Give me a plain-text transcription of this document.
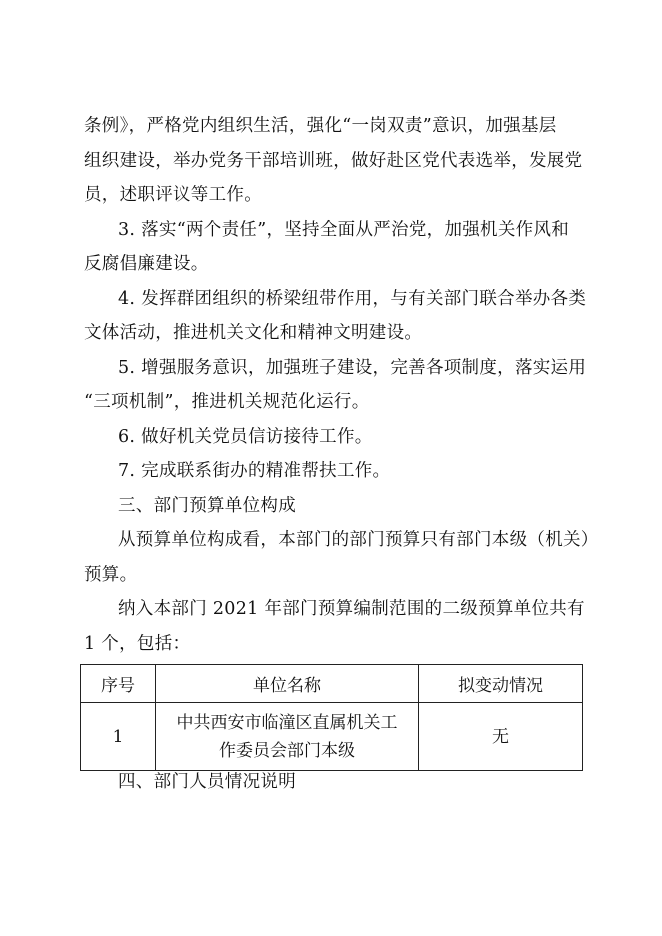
条例》，严格党内组织生活，强化“一岗双责”意识，加强基层
组织建设，举办党务干部培训班，做好赴区党代表选举，发展党
员，述职评议等工作。
3. 落实“两个责任”，坚持全面从严治党，加强机关作风和
反腐倡廉建设。
4. 发挥群团组织的桥梁纽带作用，与有关部门联合举办各类
文体活动，推进机关文化和精神文明建设。
5. 增强服务意识，加强班子建设，完善各项制度，落实运用
“三项机制”，推进机关规范化运行。
6. 做好机关党员信访接待工作。
7. 完成联系街办的精准帮扶工作。
三、部门预算单位构成
从预算单位构成看，本部门的部门预算只有部门本级（机关）
预算。
纳入本部门 2021 年部门预算编制范围的二级预算单位共有
1 个，包括：
序号	单位名称	拟变动情况
1	中共西安市临潼区直属机关工
作委员会部门本级	无
四、部门人员情况说明
